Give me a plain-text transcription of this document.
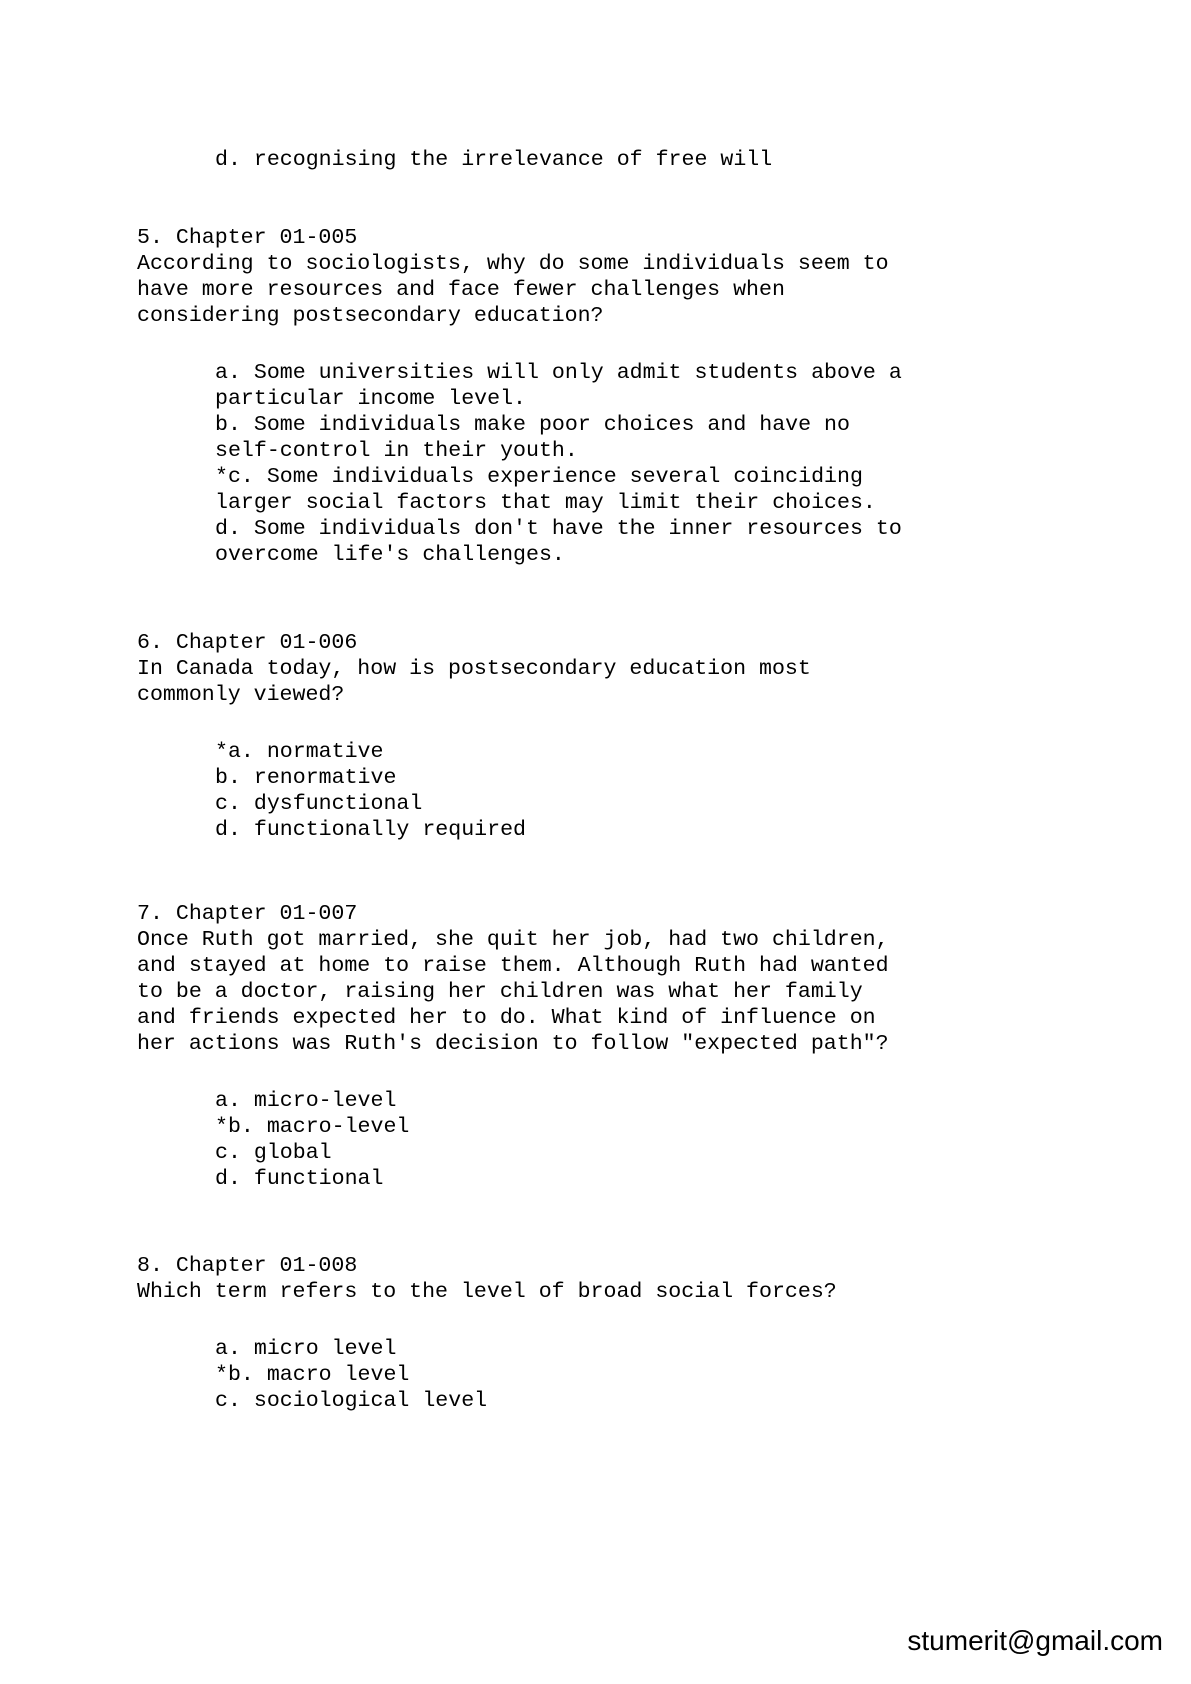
d. recognising the irrelevance of free will
5. Chapter 01-005
According to sociologists, why do some individuals seem to
have more resources and face fewer challenges when
considering postsecondary education?
a. Some universities will only admit students above a
particular income level.
b. Some individuals make poor choices and have no
self-control in their youth.
*c. Some individuals experience several coinciding
larger social factors that may limit their choices.
d. Some individuals don't have the inner resources to
overcome life's challenges.
6. Chapter 01-006
In Canada today, how is postsecondary education most
commonly viewed?
*a. normative
b. renormative
c. dysfunctional
d. functionally required
7. Chapter 01-007
Once Ruth got married, she quit her job, had two children,
and stayed at home to raise them. Although Ruth had wanted
to be a doctor, raising her children was what her family
and friends expected her to do. What kind of influence on
her actions was Ruth's decision to follow "expected path"?
a. micro-level
*b. macro-level
c. global
d. functional
8. Chapter 01-008
Which term refers to the level of broad social forces?
a. micro level
*b. macro level
c. sociological level
stumerit@gmail.com
